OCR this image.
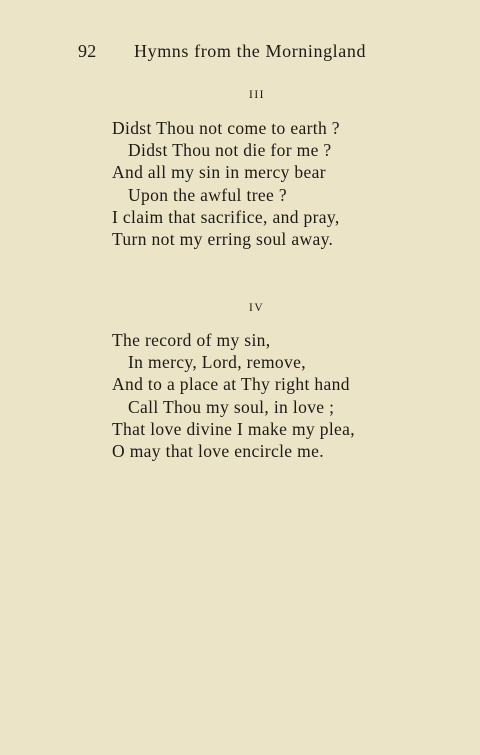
92 Hymns from the Morningland
III
Didst Thou not come to earth ?
Didst Thou not die for me ?
And all my sin in mercy bear
Upon the awful tree ?
I claim that sacrifice, and pray,
Turn not my erring soul away.
IV
The record of my sin,
In mercy, Lord, remove,
And to a place at Thy right hand
Call Thou my soul, in love ;
That love divine I make my plea,
O may that love encircle me.
